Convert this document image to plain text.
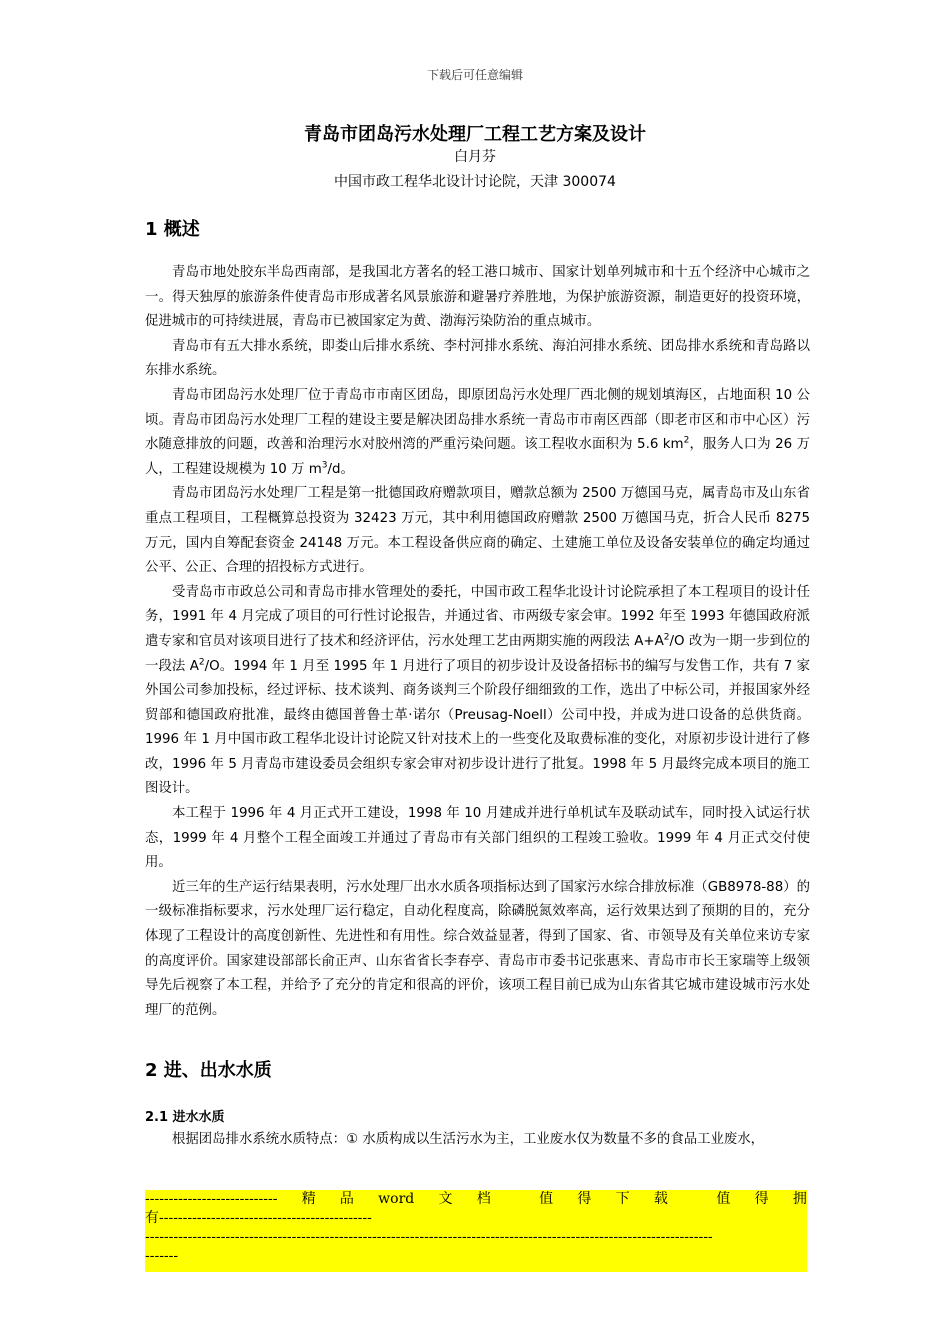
下载后可任意编辑
青岛市团岛污水处理厂工程工艺方案及设计
白月芬
中国市政工程华北设计讨论院，天津 300074
1 概述

青岛市地处胶东半岛西南部，是我国北方著名的轻工港口城市、国家计划单列城市和十五个经济中心城市之一。得天独厚的旅游条件使青岛市形成著名风景旅游和避暑疗养胜地，为保护旅游资源，制造更好的投资环境，促进城市的可持续进展，青岛市已被国家定为黄、渤海污染防治的重点城市。

青岛市有五大排水系统，即娄山后排水系统、李村河排水系统、海泊河排水系统、团岛排水系统和青岛路以东排水系统。

青岛市团岛污水处理厂位于青岛市市南区团岛，即原团岛污水处理厂西北侧的规划填海区，占地面积 10 公顷。青岛市团岛污水处理厂工程的建设主要是解决团岛排水系统一青岛市市南区西部（即老市区和市中心区）污水随意排放的问题，改善和治理污水对胶州湾的严重污染问题。该工程收水面积为 5.6 $km^2$，服务人口为 26 万人，工程建设规模为 10 万 $m^3/d$。

青岛市团岛污水处理厂工程是第一批德国政府赠款项目，赠款总额为 2500 万德国马克，属青岛市及山东省重点工程项目，工程概算总投资为 32423 万元，其中利用德国政府赠款 2500 万德国马克，折合人民币 8275 万元，国内自筹配套资金 24148 万元。本工程设备供应商的确定、土建施工单位及设备安装单位的确定均通过公平、公正、合理的招投标方式进行。

受青岛市市政总公司和青岛市排水管理处的委托，中国市政工程华北设计讨论院承担了本工程项目的设计任务，1991 年 4 月完成了项目的可行性讨论报告，并通过省、市两级专家会审。1992 年至 1993 年德国政府派遣专家和官员对该项目进行了技术和经济评估，污水处理工艺由两期实施的两段法 $A+A^2/O$ 改为一期一步到位的一段法 $A^2/O$。1994 年 1 月至 1995 年 1 月进行了项目的初步设计及设备招标书的编写与发售工作，共有 7 家外国公司参加投标，经过评标、技术谈判、商务谈判三个阶段仔细细致的工作，选出了中标公司，并报国家外经贸部和德国政府批准，最终由德国普鲁士革·诺尔（Preusag-Noell）公司中投，并成为进口设备的总供货商。1996 年 1 月中国市政工程华北设计讨论院又针对技术上的一些变化及取费标准的变化，对原初步设计进行了修改，1996 年 5 月青岛市建设委员会组织专家会审对初步设计进行了批复。1998 年 5 月最终完成本项目的施工图设计。

本工程于 1996 年 4 月正式开工建设，1998 年 10 月建成并进行单机试车及联动试车，同时投入试运行状态，1999 年 4 月整个工程全面竣工并通过了青岛市有关部门组织的工程竣工验收。1999 年 4 月正式交付使用。

近三年的生产运行结果表明，污水处理厂出水水质各项指标达到了国家污水综合排放标准（GB8978-88）的一级标准指标要求，污水处理厂运行稳定，自动化程度高，除磷脱氮效率高，运行效果达到了预期的目的，充分体现了工程设计的高度创新性、先进性和有用性。综合效益显著，得到了国家、省、市领导及有关单位来访专家的高度评价。国家建设部部长俞正声、山东省省长李春亭、青岛市市委书记张惠来、青岛市市长王家瑞等上级领导先后视察了本工程，并给予了充分的肯定和很高的评价，该项工程目前已成为山东省其它城市建设城市污水处理厂的范例。

2 进、出水水质
2.1 进水水质

根据团岛排水系统水质特点：① 水质构成以生活污水为主，工业废水仅为数量不多的食品工业废水，

---------------------------- 精 品 word 文 档	值 得 下 载	值 得 拥
有---------------------------------------------
------------------------------------------------------------------------------------------------------------------------
-------
